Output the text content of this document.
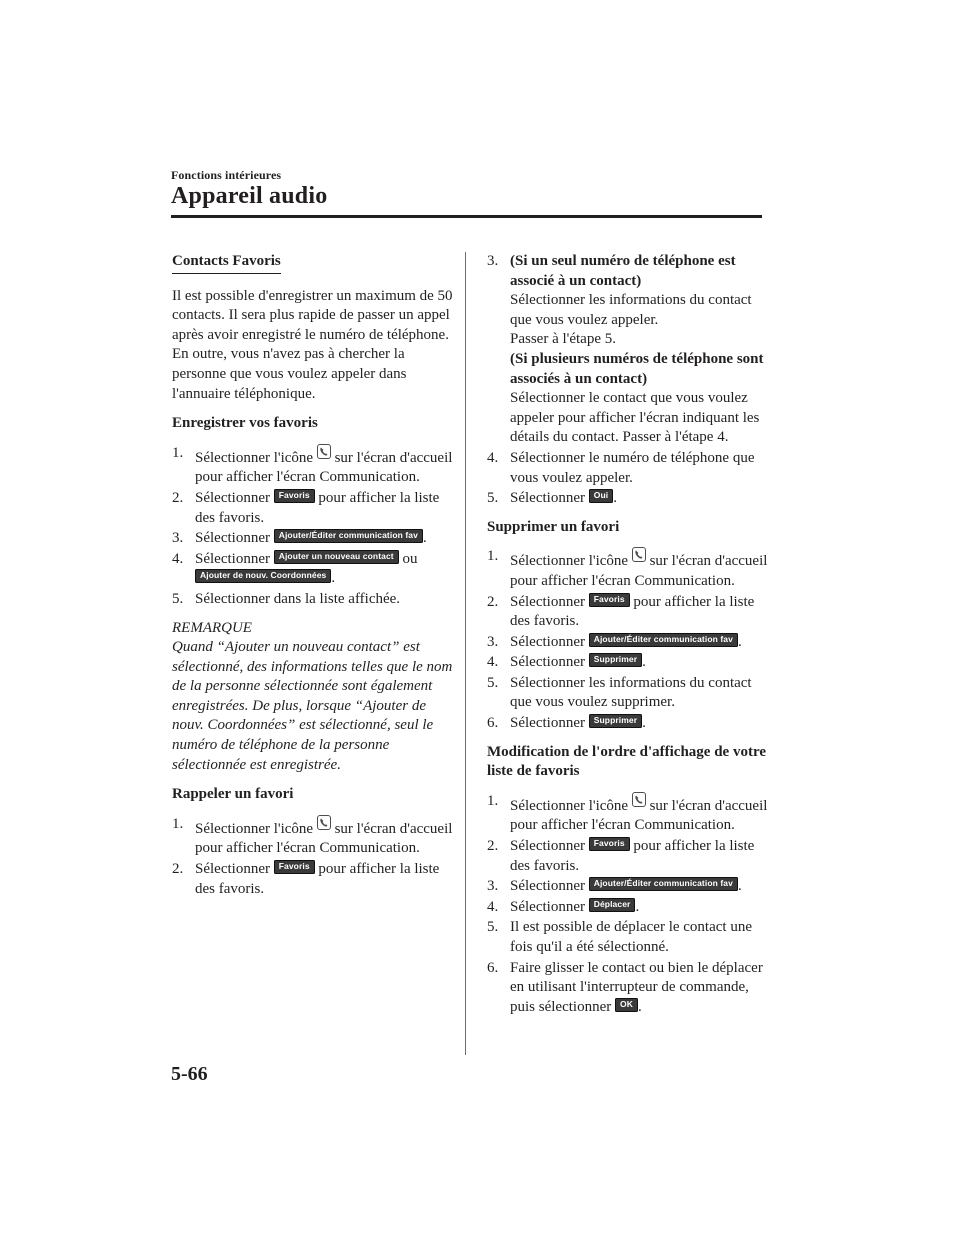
Fonctions intérieures
Appareil audio
Contacts Favoris

Il est possible d'enregistrer un maximum de 50 contacts. Il sera plus rapide de passer un appel après avoir enregistré le numéro de téléphone. En outre, vous n'avez pas à chercher la personne que vous voulez appeler dans l'annuaire téléphonique.

Enregistrer vos favoris
1. Sélectionner l'icône sur l'écran d'accueil pour afficher l'écran Communication.
2. Sélectionner Favoris pour afficher la liste des favoris.
3. Sélectionner Ajouter/Éditer communication fav .
4. Sélectionner Ajouter un nouveau contact ou
Ajouter de nouv. Coordonnées .
5. Sélectionner dans la liste affichée.
REMARQUE

Quand “Ajouter un nouveau contact” est sélectionné, des informations telles que le nom de la personne sélectionnée sont également enregistrées. De plus, lorsque “Ajouter de nouv. Coordonnées” est sélectionné, seul le numéro de téléphone de la personne sélectionnée est enregistrée.

Rappeler un favori
1. Sélectionner l'icône sur l'écran d'accueil pour afficher l'écran Communication.
2. Sélectionner Favoris pour afficher la liste des favoris.
3. (Si un seul numéro de téléphone est associé à un contact)
Sélectionner les informations du contact que vous voulez appeler.
Passer à l'étape 5.
(Si plusieurs numéros de téléphone sont associés à un contact)
Sélectionner le contact que vous voulez appeler pour afficher l'écran indiquant les détails du contact. Passer à l'étape 4.
4. Sélectionner le numéro de téléphone que vous voulez appeler.
5. Sélectionner Oui .
Supprimer un favori
1. Sélectionner l'icône sur l'écran d'accueil pour afficher l'écran Communication.
2. Sélectionner Favoris pour afficher la liste des favoris.
3. Sélectionner Ajouter/Éditer communication fav .
4. Sélectionner Supprimer .
5. Sélectionner les informations du contact que vous voulez supprimer.
6. Sélectionner Supprimer .
Modification de l'ordre d'affichage de votre liste de favoris
1. Sélectionner l'icône sur l'écran d'accueil pour afficher l'écran Communication.
2. Sélectionner Favoris pour afficher la liste des favoris.
3. Sélectionner Ajouter/Éditer communication fav .
4. Sélectionner Déplacer .
5. Il est possible de déplacer le contact une fois qu'il a été sélectionné.
6. Faire glisser le contact ou bien le déplacer en utilisant l'interrupteur de commande, puis sélectionner OK .
5-66
